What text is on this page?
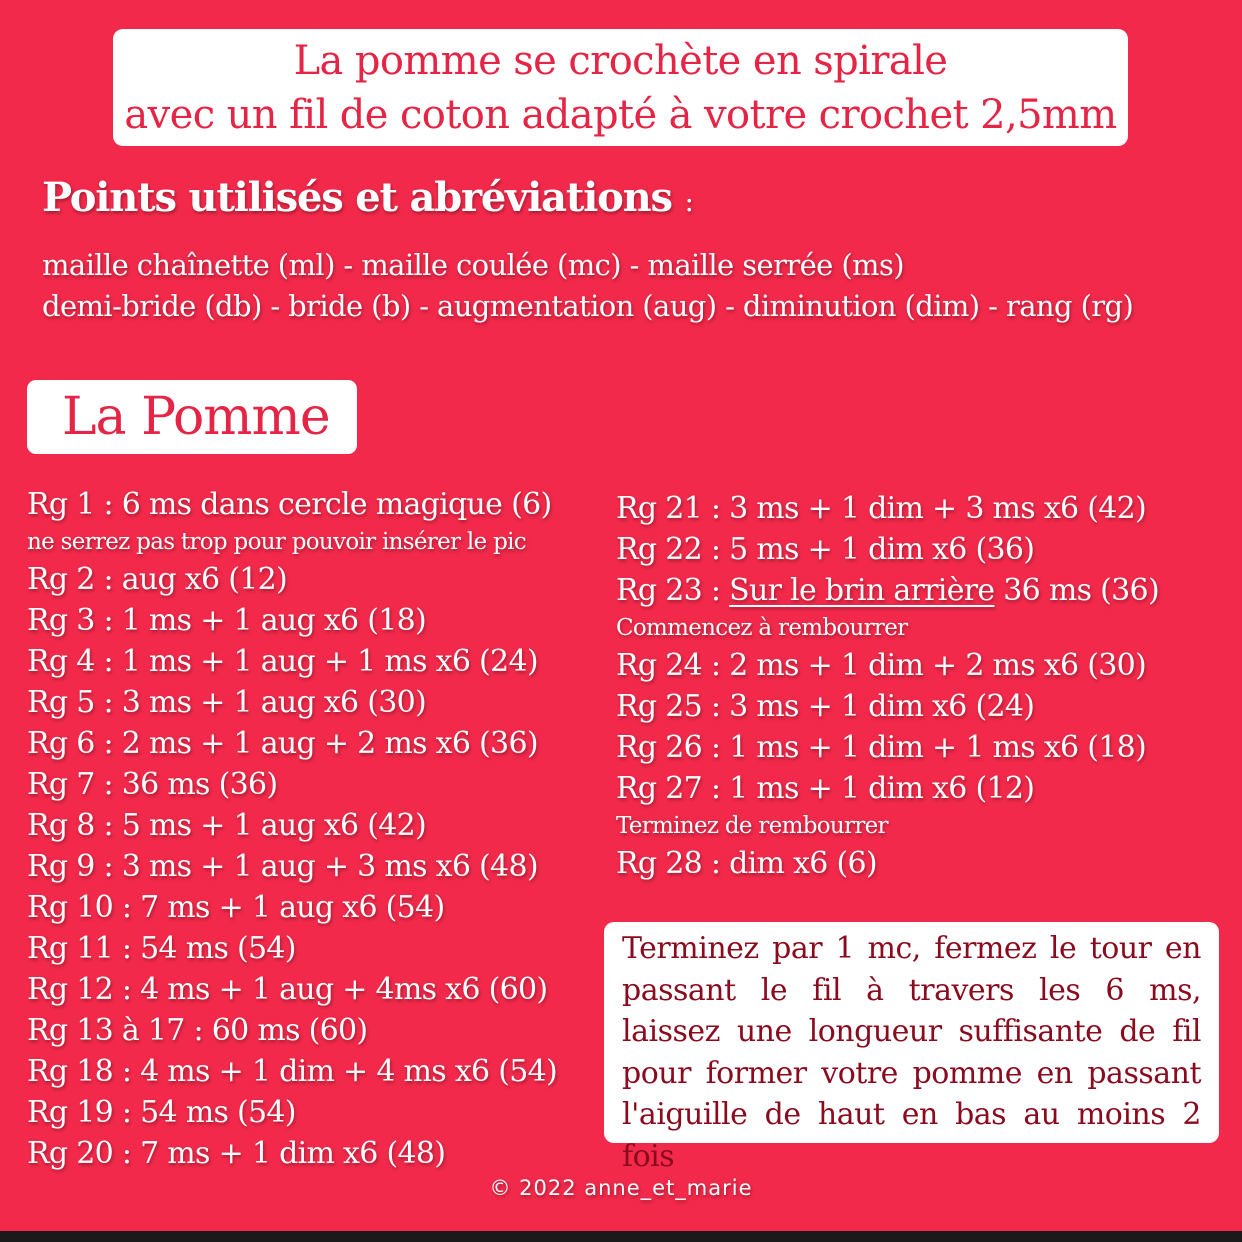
La pomme se crochète en spirale
avec un fil de coton adapté à votre crochet 2,5mm
Points utilisés et abréviations :
maille chaînette (ml) - maille coulée (mc) - maille serrée (ms)
demi-bride (db) - bride (b) - augmentation (aug) - diminution (dim) - rang (rg)
La Pomme
Rg 1 : 6 ms dans cercle magique (6)
ne serrez pas trop pour pouvoir insérer le pic
Rg 2 : aug x6 (12)
Rg 3 : 1 ms + 1 aug x6 (18)
Rg 4 : 1 ms + 1 aug + 1 ms x6 (24)
Rg 5 : 3 ms + 1 aug x6 (30)
Rg 6 : 2 ms + 1 aug + 2 ms x6 (36)
Rg 7 : 36 ms (36)
Rg 8 : 5 ms + 1 aug x6 (42)
Rg 9 : 3 ms + 1 aug + 3 ms x6 (48)
Rg 10 : 7 ms + 1 aug x6 (54)
Rg 11 : 54 ms (54)
Rg 12 : 4 ms + 1 aug + 4ms x6 (60)
Rg 13 à 17 : 60 ms (60)
Rg 18 : 4 ms + 1 dim + 4 ms x6 (54)
Rg 19 : 54 ms (54)
Rg 20 : 7 ms + 1 dim x6 (48)
Rg 21 : 3 ms + 1 dim + 3 ms x6 (42)
Rg 22 : 5 ms + 1 dim x6 (36)
Rg 23 : Sur le brin arrière 36 ms (36)
Commencez à rembourrer
Rg 24 : 2 ms + 1 dim + 2 ms x6 (30)
Rg 25 : 3 ms + 1 dim x6 (24)
Rg 26 : 1 ms + 1 dim + 1 ms x6 (18)
Rg 27 : 1 ms + 1 dim x6 (12)
Terminez de rembourrer
Rg 28 : dim x6 (6)
Terminez par 1 mc, fermez le tour en
passant le fil à travers les 6 ms,
laissez une longueur suffisante de fil
pour former votre pomme en passant
l'aiguille de haut en bas au moins 2 fois
© 2022 anne_et_marie
